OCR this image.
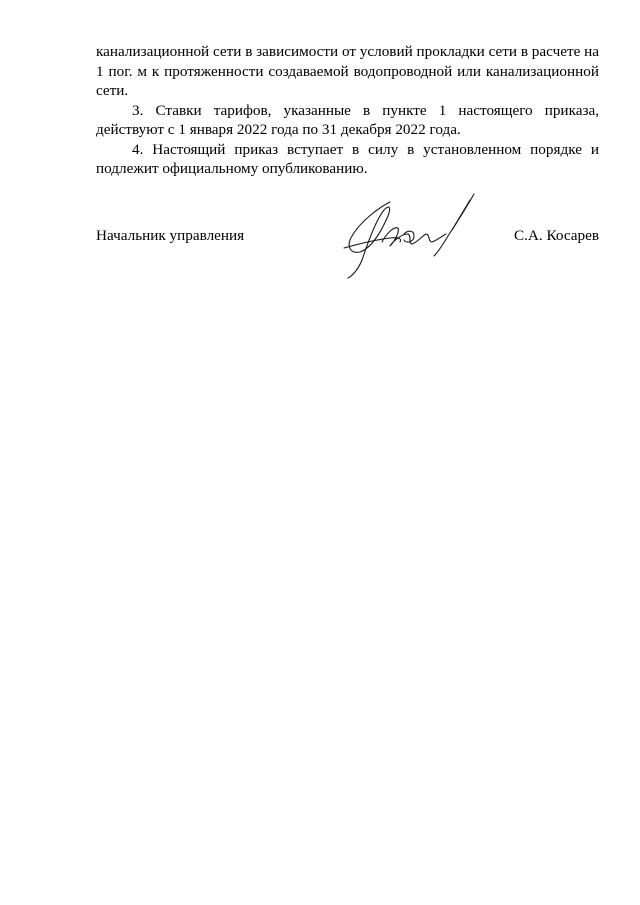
канализационной сети в зависимости от условий прокладки сети в расчете на 1 пог. м к протяженности создаваемой водопроводной или канализационной сети.

3. Ставки тарифов, указанные в пункте 1 настоящего приказа, действуют с 1 января 2022 года по 31 декабря 2022 года.

4. Настоящий приказ вступает в силу в установленном порядке и подлежит официальному опубликованию.

Начальник управления	С.А. Косарев
